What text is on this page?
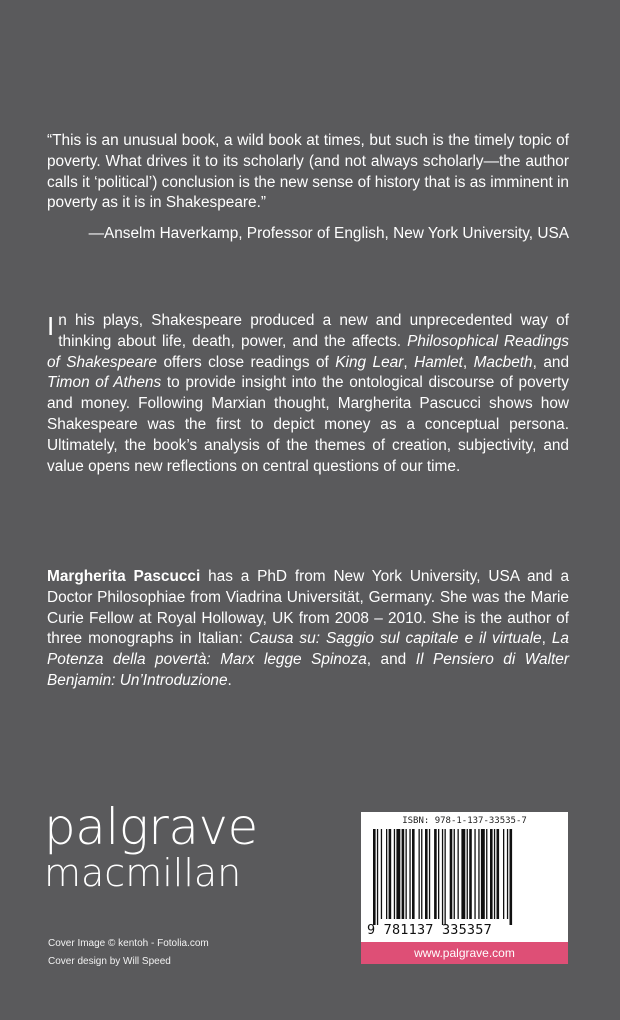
“This is an unusual book, a wild book at times, but such is the timely topic of poverty. What drives it to its scholarly (and not always scholarly—the author calls it ‘political’) conclusion is the new sense of history that is as imminent in poverty as it is in Shakespeare.”

—Anselm Haverkamp, Professor of English, New York University, USA
In his plays, Shakespeare produced a new and unprecedented way of thinking about life, death, power, and the affects. Philosophical Readings of Shakespeare offers close readings of King Lear, Hamlet, Macbeth, and Timon of Athens to provide insight into the ontological discourse of poverty and money. Following Marxian thought, Margherita Pascucci shows how Shakespeare was the first to depict money as a conceptual persona. Ultimately, the book’s analysis of the themes of creation, subjectivity, and value opens new reflections on central questions of our time.
Margherita Pascucci has a PhD from New York University, USA and a Doctor Philosophiae from Viadrina Universität, Germany. She was the Marie Curie Fellow at Royal Holloway, UK from 2008 – 2010. She is the author of three monographs in Italian: Causa su: Saggio sul capitale e il virtuale, La Potenza della povertà: Marx legge Spinoza, and Il Pensiero di Walter Benjamin: Un’Introduzione.
palgrave
macmillan
Cover Image © kentoh - Fotolia.com
Cover design by Will Speed
ISBN: 978-1-137-33535-7
9 781137 335357
www.palgrave.com
